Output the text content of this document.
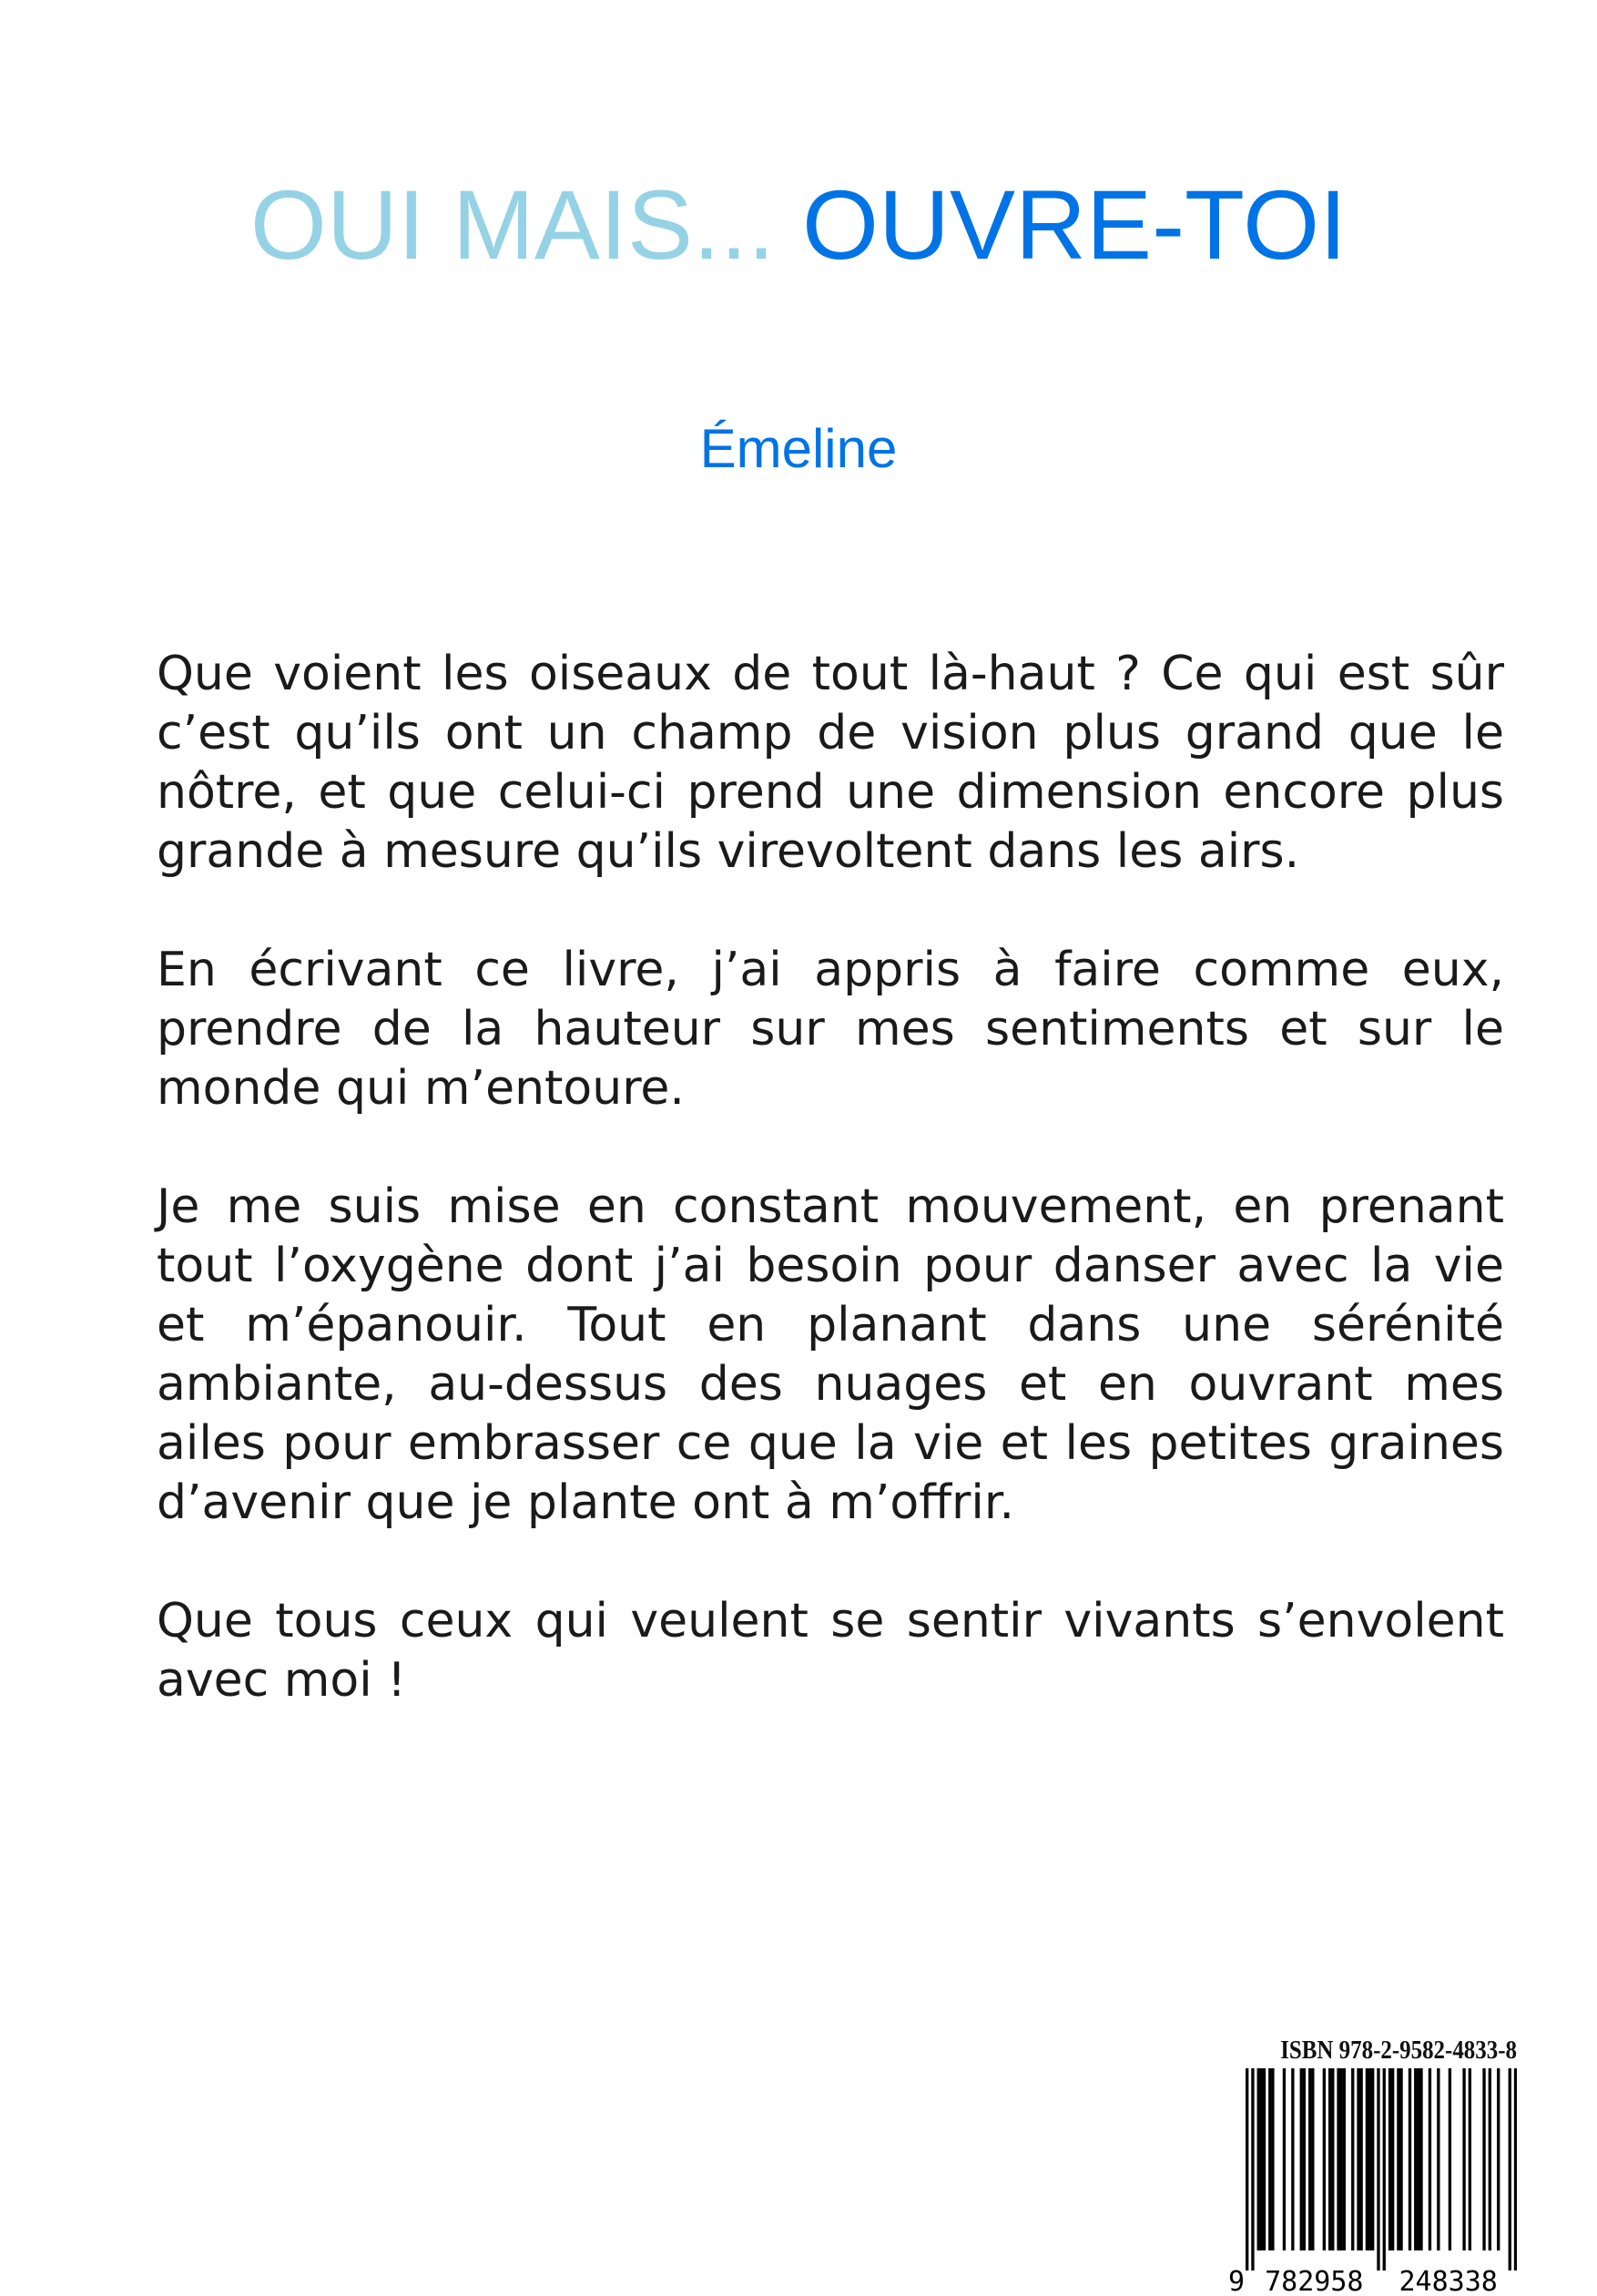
OUI MAIS... OUVRE-TOI
Émeline

Que voient les oiseaux de tout là-haut ? Ce qui est sûr c’est qu’ils ont un champ de vision plus grand que le nôtre, et que celui-ci prend une dimension encore plus grande à mesure qu’ils virevoltent dans les airs.

En écrivant ce livre, j’ai appris à faire comme eux, prendre de la hauteur sur mes sentiments et sur le monde qui m’entoure.

Je me suis mise en constant mouvement, en prenant tout l’oxygène dont j’ai besoin pour danser avec la vie et m’épanouir. Tout en planant dans une sérénité ambiante, au-dessus des nuages et en ouvrant mes ailes pour embrasser ce que la vie et les petites graines d’avenir que je plante ont à m’offrir.

Que tous ceux qui veulent se sentir vivants s’envolent avec moi !

ISBN 978-2-9582-4833-8
9 782958 248338
